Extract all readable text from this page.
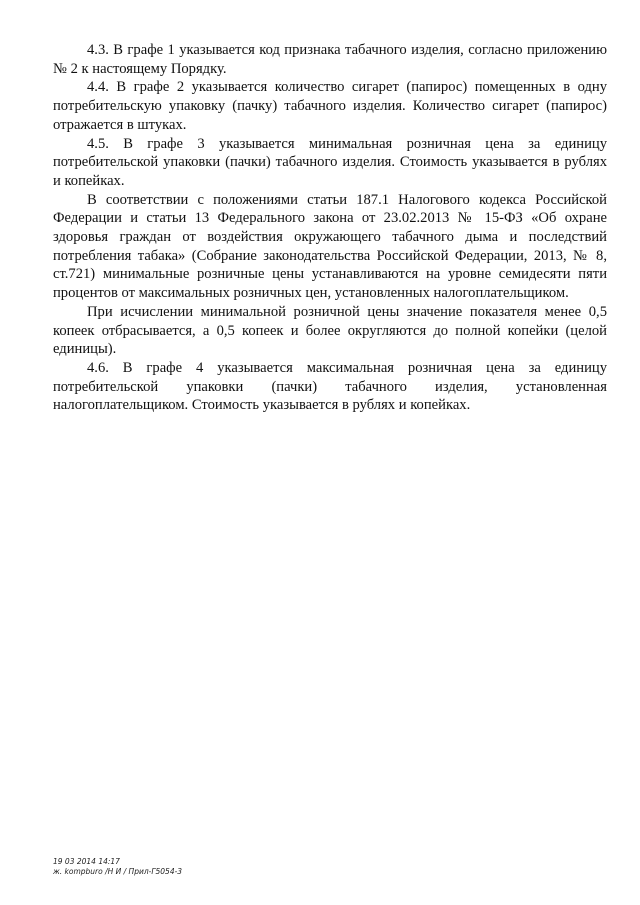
4.3. В графе 1 указывается код признака табачного изделия, согласно приложению № 2 к настоящему Порядку.

4.4. В графе 2 указывается количество сигарет (папирос) помещенных в одну потребительскую упаковку (пачку) табачного изделия. Количество сигарет (папирос) отражается в штуках.

4.5. В графе 3 указывается минимальная розничная цена за единицу потребительской упаковки (пачки) табачного изделия. Стоимость указывается в рублях и копейках.

В соответствии с положениями статьи 187.1 Налогового кодекса Российской Федерации и статьи 13 Федерального закона от 23.02.2013 № 15-ФЗ «Об охране здоровья граждан от воздействия окружающего табачного дыма и последствий потребления табака» (Собрание законодательства Российской Федерации, 2013, № 8, ст.721) минимальные розничные цены устанавливаются на уровне семидесяти пяти процентов от максимальных розничных цен, установленных налогоплательщиком.

При исчислении минимальной розничной цены значение показателя менее 0,5 копеек отбрасывается, а 0,5 копеек и более округляются до полной копейки (целой единицы).

4.6. В графе 4 указывается максимальная розничная цена за единицу потребительской упаковки (пачки) табачного изделия, установленная налогоплательщиком. Стоимость указывается в рублях и копейках.

19 03 2014 14:17
ж. kompburo /Н И / Прил-Г5054-3
